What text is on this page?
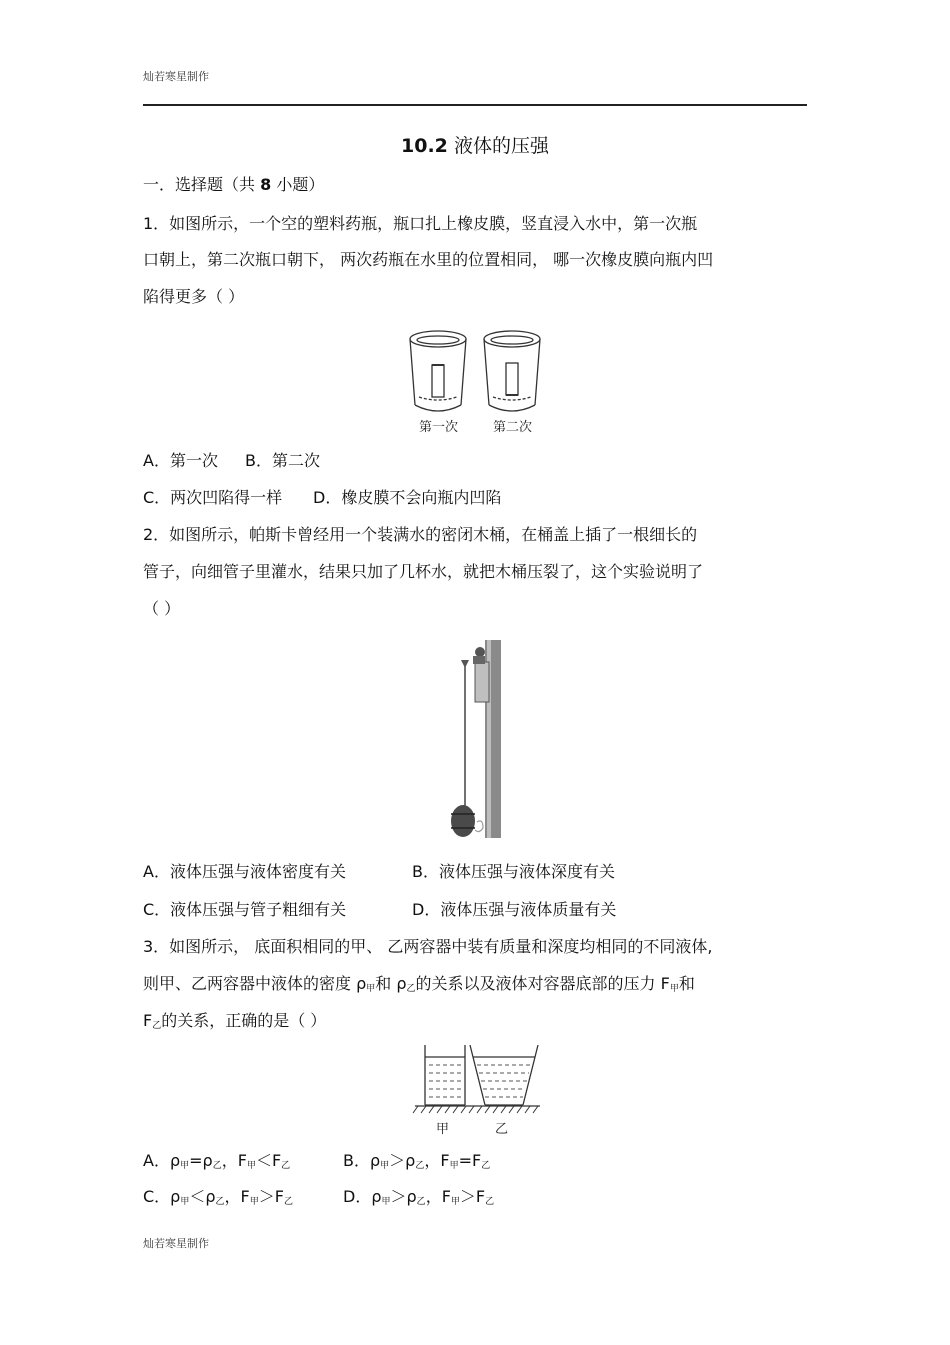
灿若寒星制作
10.2 液体的压强
一．选择题（共 8 小题）
1．如图所示，一个空的塑料药瓶，瓶口扎上橡皮膜，竖直浸入水中，第一次瓶
口朝上，第二次瓶口朝下， 两次药瓶在水里的位置相同， 哪一次橡皮膜向瓶内凹
陷得更多（ ）
第一次	第二次
A．第一次 B．第二次
C．两次凹陷得一样 D．橡皮膜不会向瓶内凹陷
2．如图所示，帕斯卡曾经用一个装满水的密闭木桶，在桶盖上插了一根细长的
管子，向细管子里灌水，结果只加了几杯水，就把木桶压裂了，这个实验说明了
（ ）
A．液体压强与液体密度有关	B．液体压强与液体深度有关
C．液体压强与管子粗细有关	D．液体压强与液体质量有关
3．如图所示， 底面积相同的甲、 乙两容器中装有质量和深度均相同的不同液体,
则甲、乙两容器中液体的密度 $\rho_甲$和 $\rho_乙$的关系以及液体对容器底部的压力 $F_甲$和
$F_乙$的关系，正确的是（ ）
甲	乙
A．$\rho_甲=\rho_乙$，$F_甲<F_乙$	B．$\rho_甲>\rho_乙$，$F_甲=F_乙$
C．$\rho_甲<\rho_乙$，$F_甲>F_乙$	D．$\rho_甲>\rho_乙$，$F_甲>F_乙$
灿若寒星制作
